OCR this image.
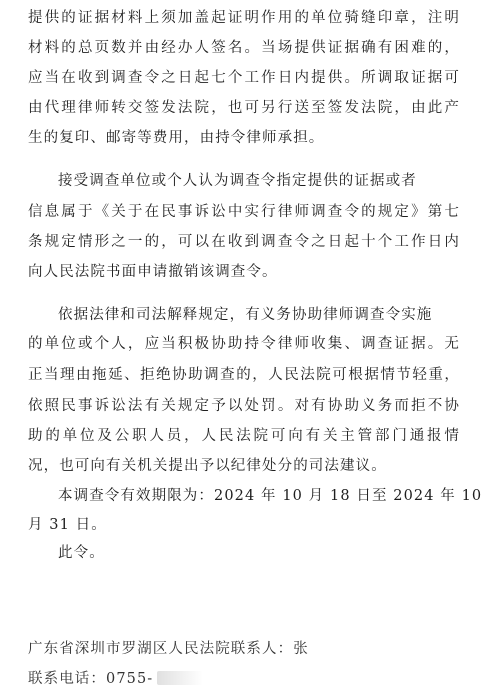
提供的证据材料上须加盖起证明作用的单位骑缝印章，注明
材料的总页数并由经办人签名。当场提供证据确有困难的，
应当在收到调查令之日起七个工作日内提供。所调取证据可
由代理律师转交签发法院，也可另行送至签发法院，由此产
生的复印、邮寄等费用，由持令律师承担。
接受调查单位或个人认为调查令指定提供的证据或者
信息属于《关于在民事诉讼中实行律师调查令的规定》第七
条规定情形之一的，可以在收到调查令之日起十个工作日内
向人民法院书面申请撤销该调查令。
依据法律和司法解释规定，有义务协助律师调查令实施
的单位或个人，应当积极协助持令律师收集、调查证据。无
正当理由拖延、拒绝协助调查的，人民法院可根据情节轻重，
依照民事诉讼法有关规定予以处罚。对有协助义务而拒不协
助的单位及公职人员，人民法院可向有关主管部门通报情
况，也可向有关机关提出予以纪律处分的司法建议。
本调查令有效期限为：2024 年 10 月 18 日至 2024 年 10
月 31 日。
此令。
广东省深圳市罗湖区人民法院联系人：张
联系电话：0755-
